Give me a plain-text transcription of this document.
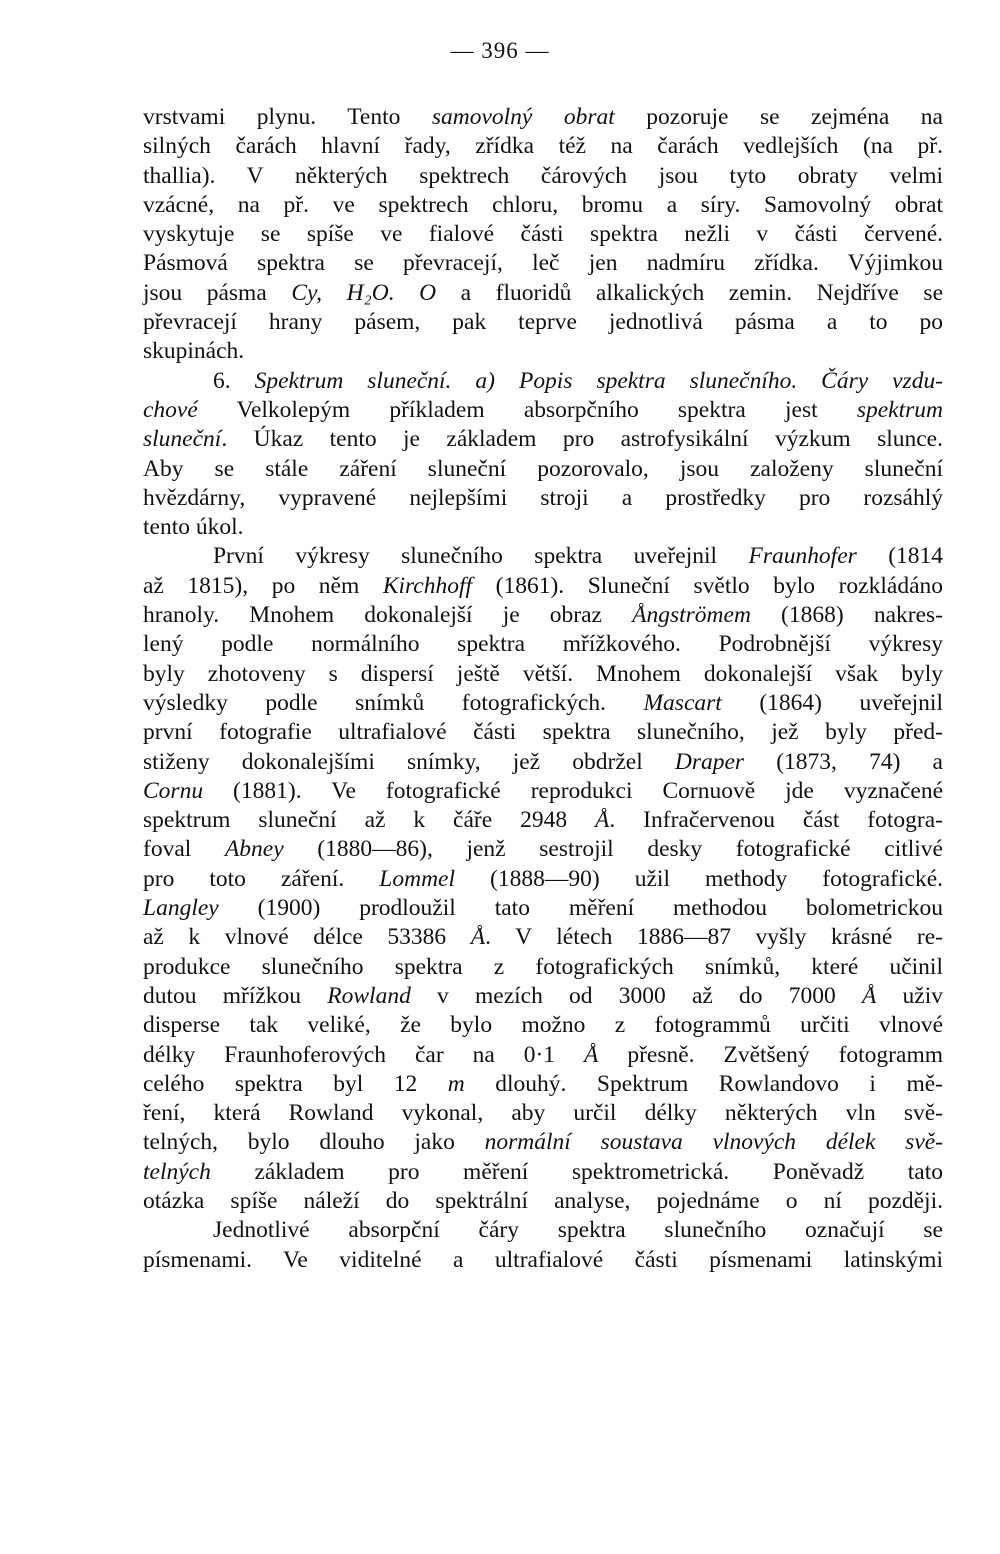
— 396 —
vrstvami plynu. Tento samovolný obrat pozoruje se zejména na
silných čarách hlavní řady, zřídka též na čarách vedlejších (na př.
thallia). V některých spektrech čárových jsou tyto obraty velmi
vzácné, na př. ve spektrech chloru, bromu a síry. Samovolný obrat
vyskytuje se spíše ve fialové části spektra nežli v části červené.
Pásmová spektra se převracejí, leč jen nadmíru zřídka. Výjimkou
jsou pásma Cy, H₂O. O a fluoridů alkalických zemin. Nejdříve se
převracejí hrany pásem, pak teprve jednotlivá pásma a to po
skupinách.
6. Spektrum sluneční. a) Popis spektra slunečního. Čáry vzdu-
chové Velkolepým příkladem absorpčního spektra jest spektrum
sluneční. Úkaz tento je základem pro astrofysikální výzkum slunce.
Aby se stále záření sluneční pozorovalo, jsou založeny sluneční
hvězdárny, vypravené nejlepšími stroji a prostředky pro rozsáhlý
tento úkol.
První výkresy slunečního spektra uveřejnil Fraunhofer (1814
až 1815), po něm Kirchhoff (1861). Sluneční světlo bylo rozkládáno
hranoly. Mnohem dokonalejší je obraz Ångströmem (1868) nakres-
lený podle normálního spektra mřížkového. Podrobnější výkresy
byly zhotoveny s dispersí ještě větší. Mnohem dokonalejší však byly
výsledky podle snímků fotografických. Mascart (1864) uveřejnil
první fotografie ultrafialové části spektra slunečního, jež byly před-
stiženy dokonalejšími snímky, jež obdržel Draper (1873, 74) a
Cornu (1881). Ve fotografické reprodukci Cornuově jde vyznačené
spektrum sluneční až k čáře 2948 Å. Infračervenou část fotogra-
foval Abney (1880—86), jenž sestrojil desky fotografické citlivé
pro toto záření. Lommel (1888—90) užil methody fotografické.
Langley (1900) prodloužil tato měření methodou bolometrickou
až k vlnové délce 53386 Å. V létech 1886—87 vyšly krásné re-
produkce slunečního spektra z fotografických snímků, které učinil
dutou mřížkou Rowland v mezích od 3000 až do 7000 Å uživ
disperse tak veliké, že bylo možno z fotogrammů určiti vlnové
délky Fraunhoferových čar na 0·1 Å přesně. Zvětšený fotogramm
celého spektra byl 12 m dlouhý. Spektrum Rowlandovo i mě-
ření, která Rowland vykonal, aby určil délky některých vln svě-
telných, bylo dlouho jako normální soustava vlnových délek svě-
telných základem pro měření spektrometrická. Poněvadž tato
otázka spíše náleží do spektrální analyse, pojednáme o ní později.
Jednotlivé absorpční čáry spektra slunečního označují se
písmenami. Ve viditelné a ultrafialové části písmenami latinskými
